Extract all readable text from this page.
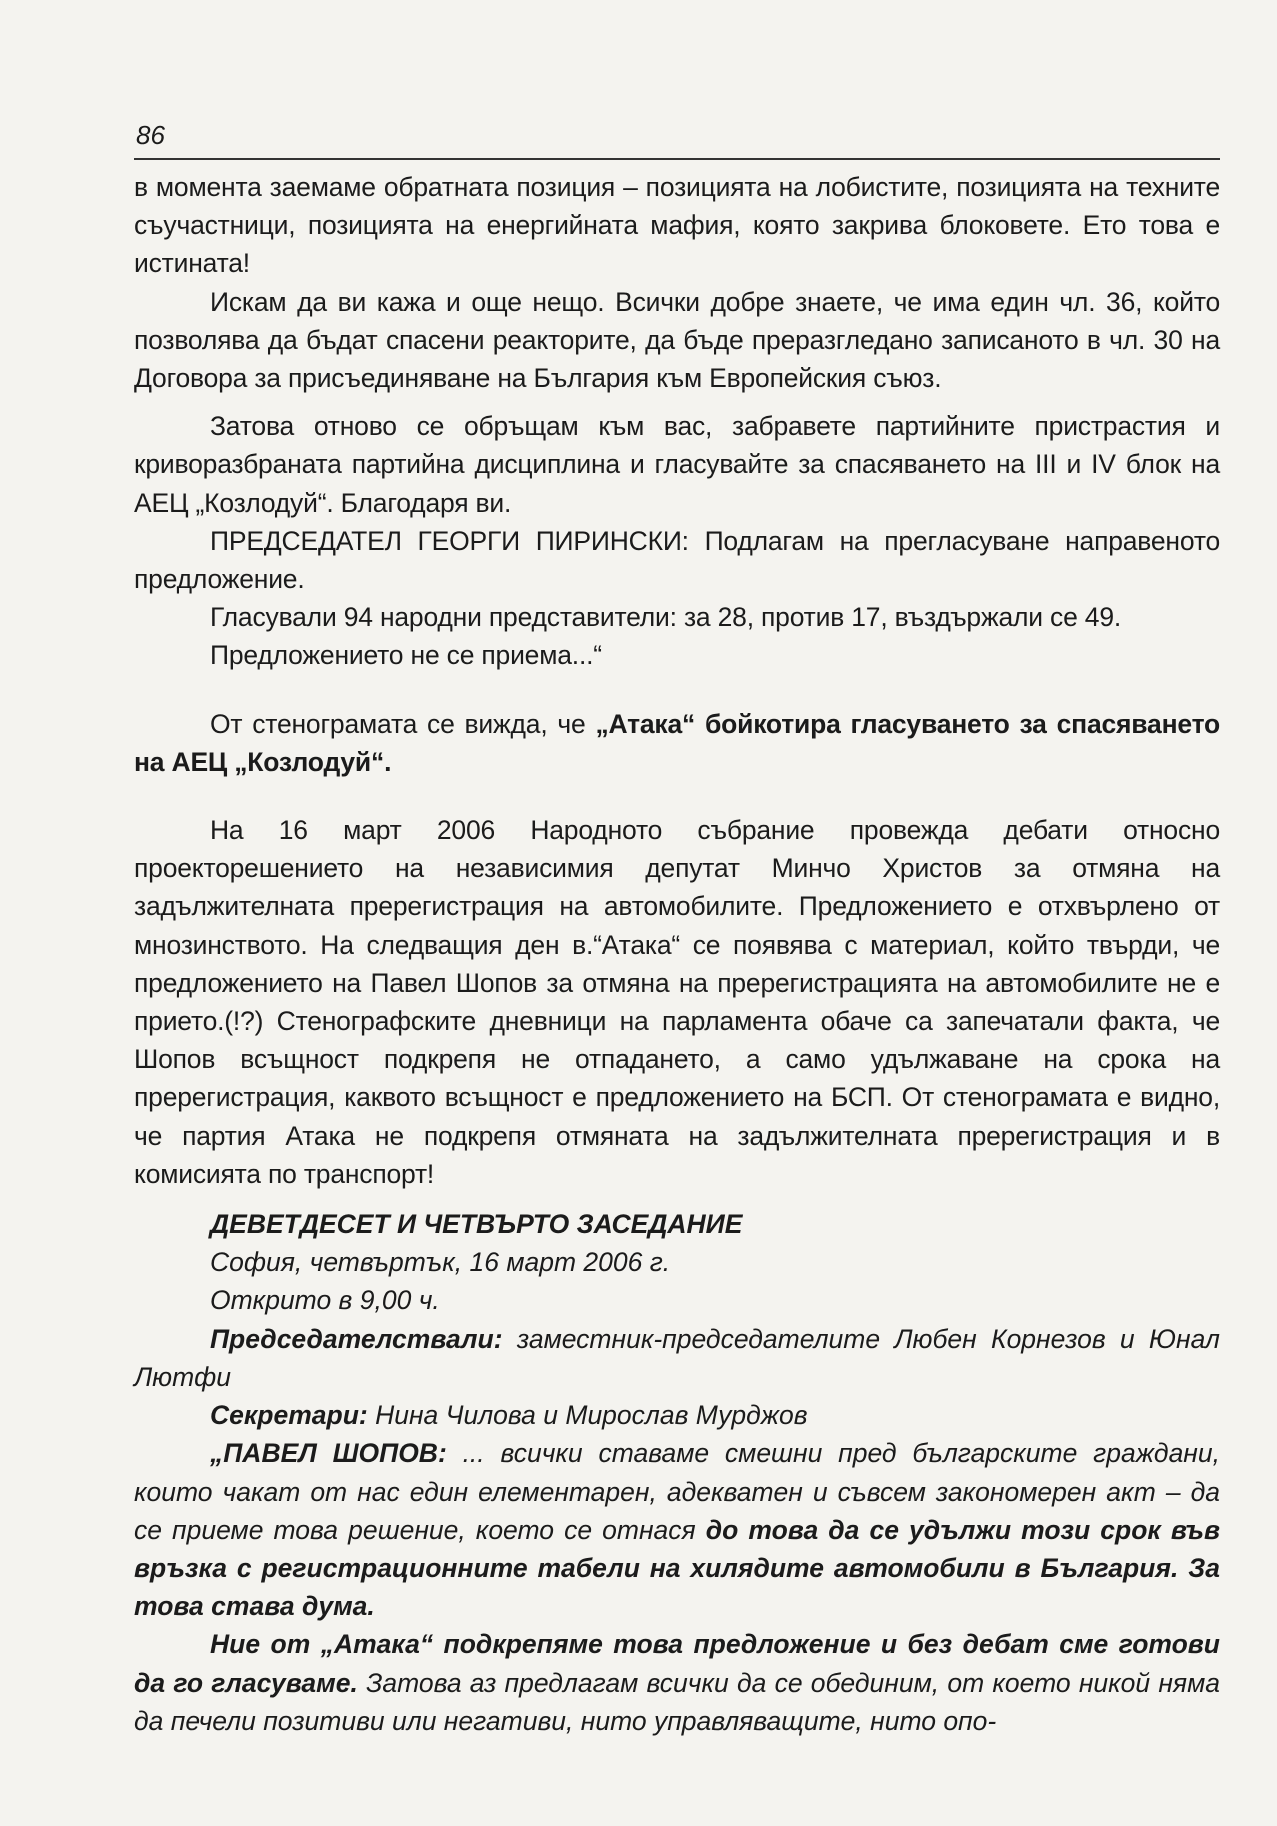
86

в момента заемаме обратната позиция – позицията на лобистите, позицията на техните съучастници, позицията на енергийната мафия, която закрива блоковете. Ето това е истината!

Искам да ви кажа и още нещо. Всички добре знаете, че има един чл. 36, който позволява да бъдат спасени реакторите, да бъде преразгледано записаното в чл. 30 на Договора за присъединяване на България към Европейския съюз.

Затова отново се обръщам към вас, забравете партийните пристрастия и криворазбраната партийна дисциплина и гласувайте за спасяването на III и IV блок на АЕЦ „Козлодуй“. Благодаря ви.

ПРЕДСЕДАТЕЛ ГЕОРГИ ПИРИНСКИ: Подлагам на прегласуване направеното предложение.

Гласували 94 народни представители: за 28, против 17, въздържали се 49.

Предложението не се приема...“

От стенограмата се вижда, че „Атака“ бойкотира гласуването за спасяването на АЕЦ „Козлодуй“.

На 16 март 2006 Народното събрание провежда дебати относно проекторешението на независимия депутат Минчо Христов за отмяна на задължителната пререгистрация на автомобилите. Предложението е отхвърлено от мнозинството. На следващия ден в.“Атака“ се появява с материал, който твърди, че предложението на Павел Шопов за отмяна на пререгистрацията на автомобилите не е прието.(!?) Стенографските дневници на парламента обаче са запечатали факта, че Шопов всъщност подкрепя не отпадането, а само удължаване на срока на пререгистрация, каквото всъщност е предложението на БСП. От стенограмата е видно, че партия Атака не подкрепя отмяната на задължителната пререгистрация и в комисията по транспорт!

ДЕВЕТДЕСЕТ И ЧЕТВЪРТО ЗАСЕДАНИЕ

София, четвъртък, 16 март 2006 г.

Открито в 9,00 ч.

Председателствали: заместник-председателите Любен Корнезов и Юнал Лютфи

Секретари: Нина Чилова и Мирослав Мурджов

„ПАВЕЛ ШОПОВ: ... всички ставаме смешни пред българските граждани, които чакат от нас един елементарен, адекватен и съвсем закономерен акт – да се приеме това решение, което се отнася до това да се удължи този срок във връзка с регистрационните табели на хилядите автомобили в България. За това става дума.

Ние от „Атака“ подкрепяме това предложение и без дебат сме готови да го гласуваме. Затова аз предлагам всички да се обединим, от което никой няма да печели позитиви или негативи, нито управляващите, нито опо-
